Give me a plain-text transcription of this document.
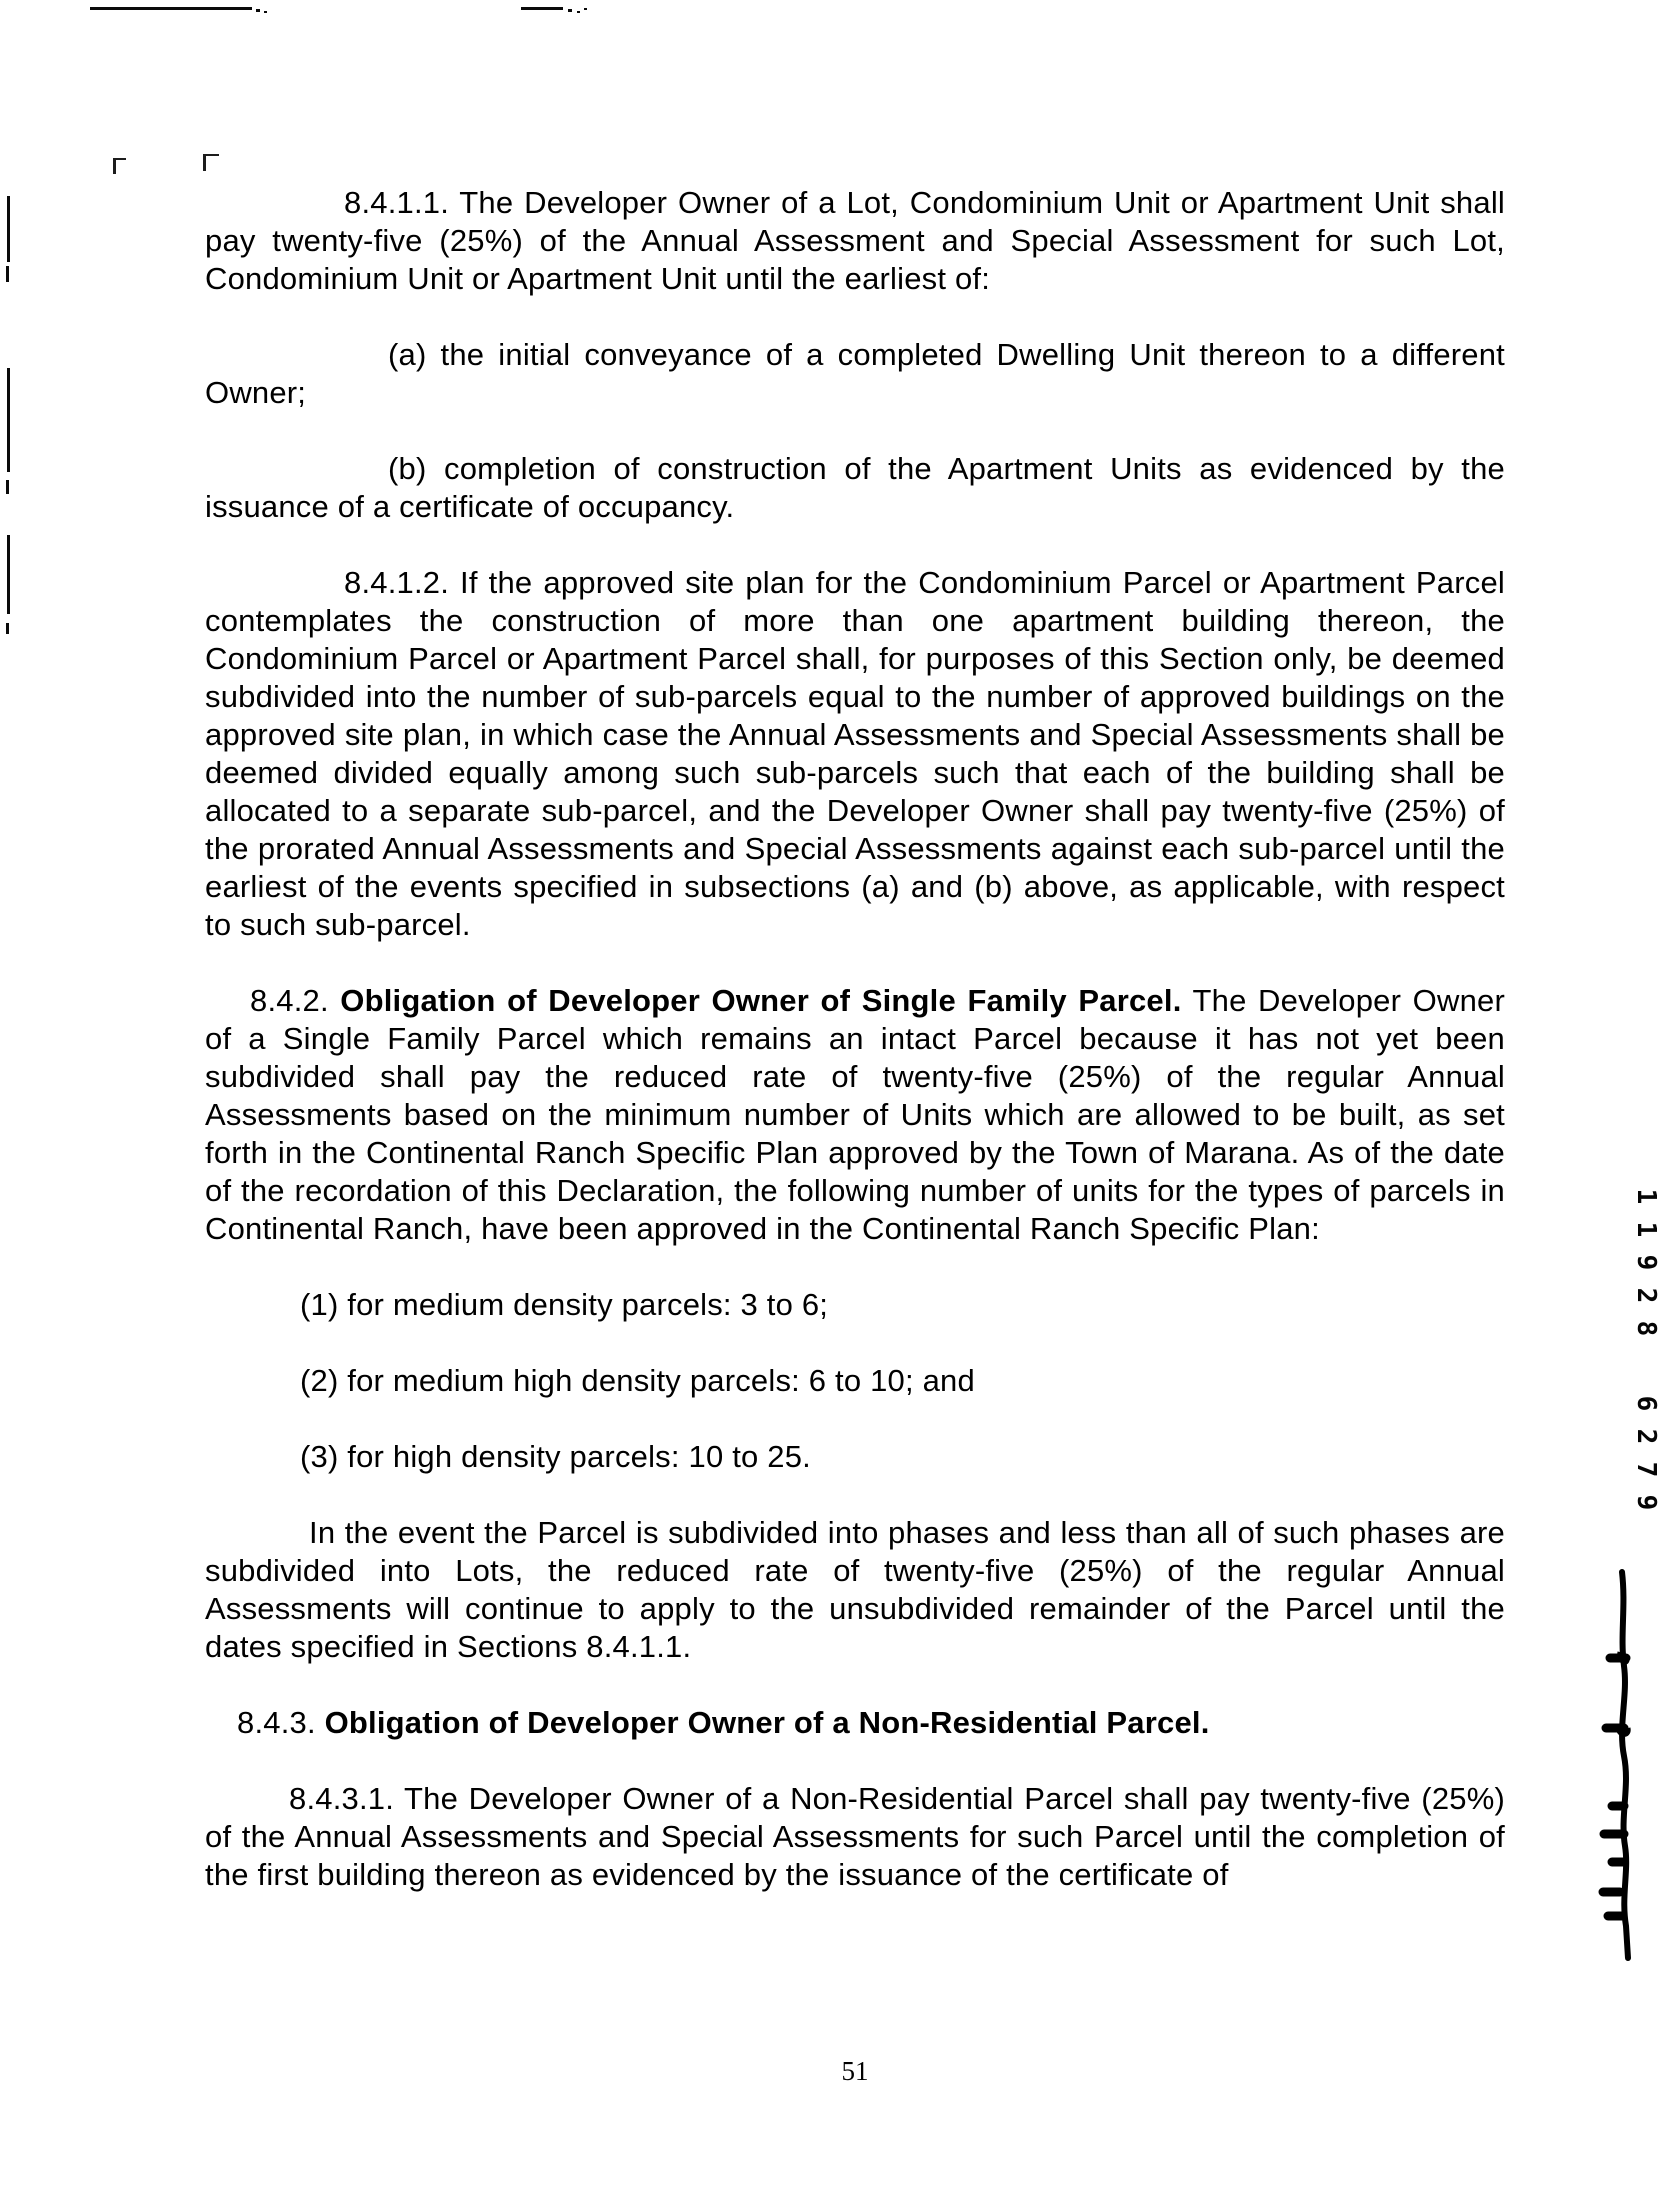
8.4.1.1. The Developer Owner of a Lot, Condominium Unit or Apartment Unit shall pay twenty-five (25%) of the Annual Assessment and Special Assessment for such Lot, Condominium Unit or Apartment Unit until the earliest of:

(a) the initial conveyance of a completed Dwelling Unit thereon to a different Owner;

(b) completion of construction of the Apartment Units as evidenced by the issuance of a certificate of occupancy.

8.4.1.2. If the approved site plan for the Condominium Parcel or Apartment Parcel contemplates the construction of more than one apartment building thereon, the Condominium Parcel or Apartment Parcel shall, for purposes of this Section only, be deemed subdivided into the number of sub-parcels equal to the number of approved buildings on the approved site plan, in which case the Annual Assessments and Special Assessments shall be deemed divided equally among such sub-parcels such that each of the building shall be allocated to a separate sub-parcel, and the Developer Owner shall pay twenty-five (25%) of the prorated Annual Assessments and Special Assessments against each sub-parcel until the earliest of the events specified in subsections (a) and (b) above, as applicable, with respect to such sub-parcel.

8.4.2. Obligation of Developer Owner of Single Family Parcel. The Developer Owner of a Single Family Parcel which remains an intact Parcel because it has not yet been subdivided shall pay the reduced rate of twenty-five (25%) of the regular Annual Assessments based on the minimum number of Units which are allowed to be built, as set forth in the Continental Ranch Specific Plan approved by the Town of Marana. As of the date of the recordation of this Declaration, the following number of units for the types of parcels in Continental Ranch, have been approved in the Continental Ranch Specific Plan:

(1) for medium density parcels: 3 to 6;

(2) for medium high density parcels: 6 to 10; and

(3) for high density parcels: 10 to 25.

In the event the Parcel is subdivided into phases and less than all of such phases are subdivided into Lots, the reduced rate of twenty-five (25%) of the regular Annual Assessments will continue to apply to the unsubdivided remainder of the Parcel until the dates specified in Sections 8.4.1.1.

8.4.3. Obligation of Developer Owner of a Non-Residential Parcel.

8.4.3.1. The Developer Owner of a Non-Residential Parcel shall pay twenty-five (25%) of the Annual Assessments and Special Assessments for such Parcel until the completion of the first building thereon as evidenced by the issuance of the certificate of

51
1
1
9
2
8
6
2
7
9
